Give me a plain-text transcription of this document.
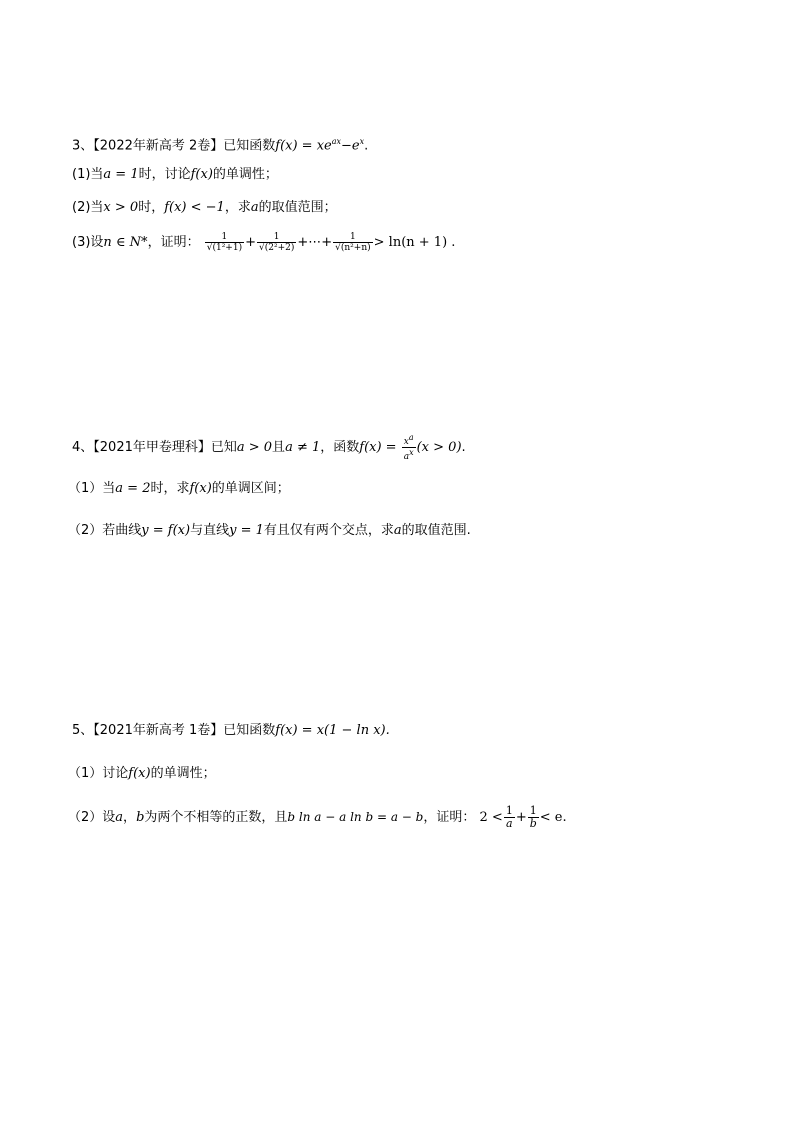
3、【2022年新高考 2卷】已知函数$f(x) = xe^{ax}-e^x$.
(1)当a = 1时，讨论f(x)的单调性；
(2)当x > 0时，f(x) < −1，求a的取值范围；
(3)设n ∈ N*，证明： $\frac{1}{\text{√(1²+1)}} + \frac{1}{\text{√(2²+2)}}$ +⋯+ $\frac{1}{\text{√(n²+n)}} > \ln(n + 1)$ .
4、【2021年甲卷理科】已知a > 0且a ≠ 1，函数$f(x) = \frac{xa}{ax} (x > 0)$.
（1）当a = 2时，求f(x)的单调区间；
（2）若曲线y = f(x)与直线y = 1有且仅有两个交点，求a的取值范围.
5、【2021年新高考 1卷】已知函数f(x) = x(1 − ln x).
（1）讨论f(x)的单调性；
（2）设a，b为两个不相等的正数，且b ln a − a ln b = a − b，证明： $2 < \frac{1}{a} + \frac{1}{b} < e$.
